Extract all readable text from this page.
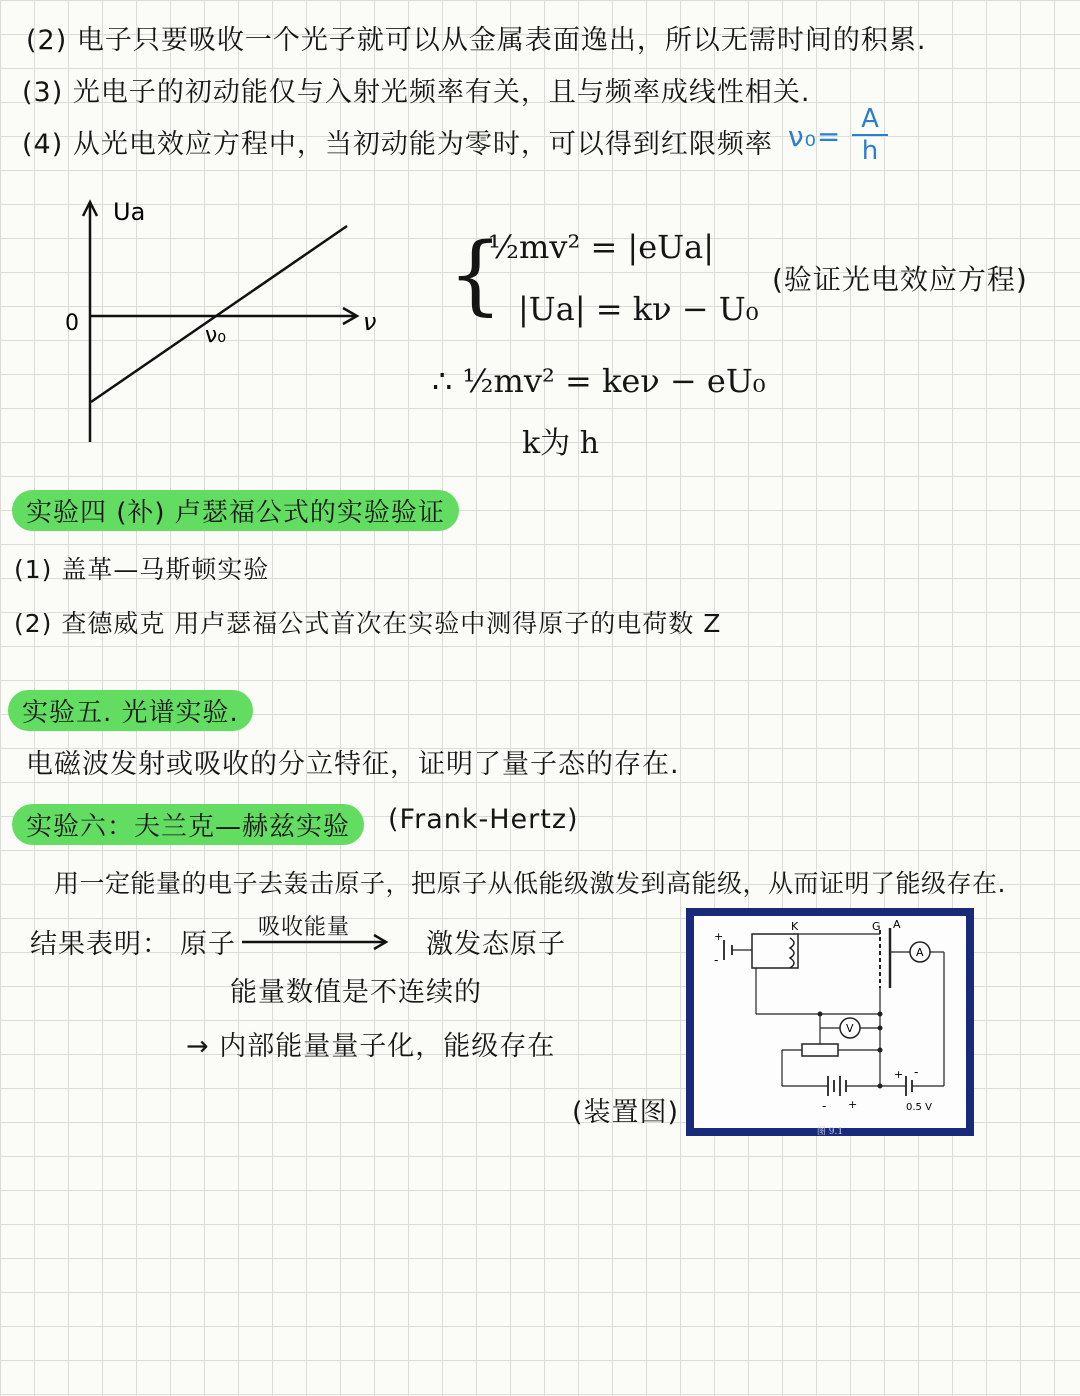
(2) 电子只要吸收一个光子就可以从金属表面逸出，所以无需时间的积累.
(3) 光电子的初动能仅与入射光频率有关，且与频率成线性相关.
(4) 从光电效应方程中，当初动能为零时，可以得到红限频率 ν₀=
A
h
Ua
ν
0	ν₀
{
½mv² = |eUa|
|Ua| = kν − U₀
∴ ½mv² = keν − eU₀
k为 h
(验证光电效应方程)
实验四 (补) 卢瑟福公式的实验验证
(1) 盖革—马斯顿实验
(2) 查德威克 用卢瑟福公式首次在实验中测得原子的电荷数 Z
实验五. 光谱实验.
电磁波发射或吸收的分立特征，证明了量子态的存在.
实验六：夫兰克—赫兹实验	(Frank-Hertz)
用一定能量的电子去轰击原子，把原子从低能级激发到高能级，从而证明了能级存在.
结果表明： 原子
吸收能量
激发态原子
能量数值是不连续的
→ 内部能量量子化，能级存在
(装置图)
K	G A
+
-
A
V
- +
+ -
0.5 V
图 9.1
